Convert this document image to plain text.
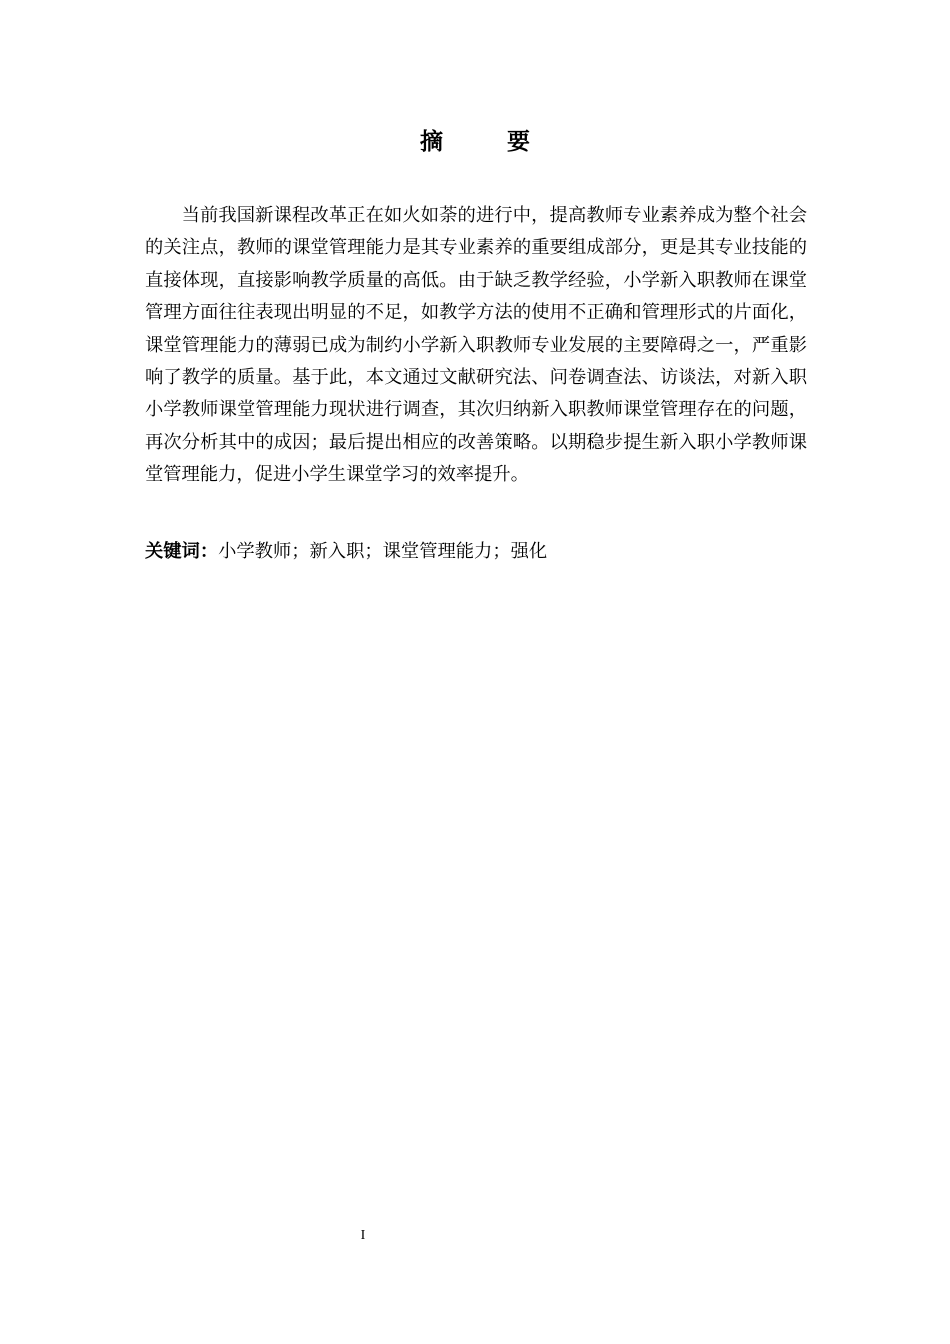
摘 要

当前我国新课程改革正在如火如荼的进行中，提高教师专业素养成为整个社会的关注点，教师的课堂管理能力是其专业素养的重要组成部分，更是其专业技能的直接体现，直接影响教学质量的高低。由于缺乏教学经验，小学新入职教师在课堂管理方面往往表现出明显的不足，如教学方法的使用不正确和管理形式的片面化，课堂管理能力的薄弱已成为制约小学新入职教师专业发展的主要障碍之一，严重影响了教学的质量。基于此，本文通过文献研究法、问卷调查法、访谈法，对新入职小学教师课堂管理能力现状进行调查，其次归纳新入职教师课堂管理存在的问题，再次分析其中的成因；最后提出相应的改善策略。以期稳步提生新入职小学教师课堂管理能力，促进小学生课堂学习的效率提升。

关键词：小学教师；新入职；课堂管理能力；强化

I
